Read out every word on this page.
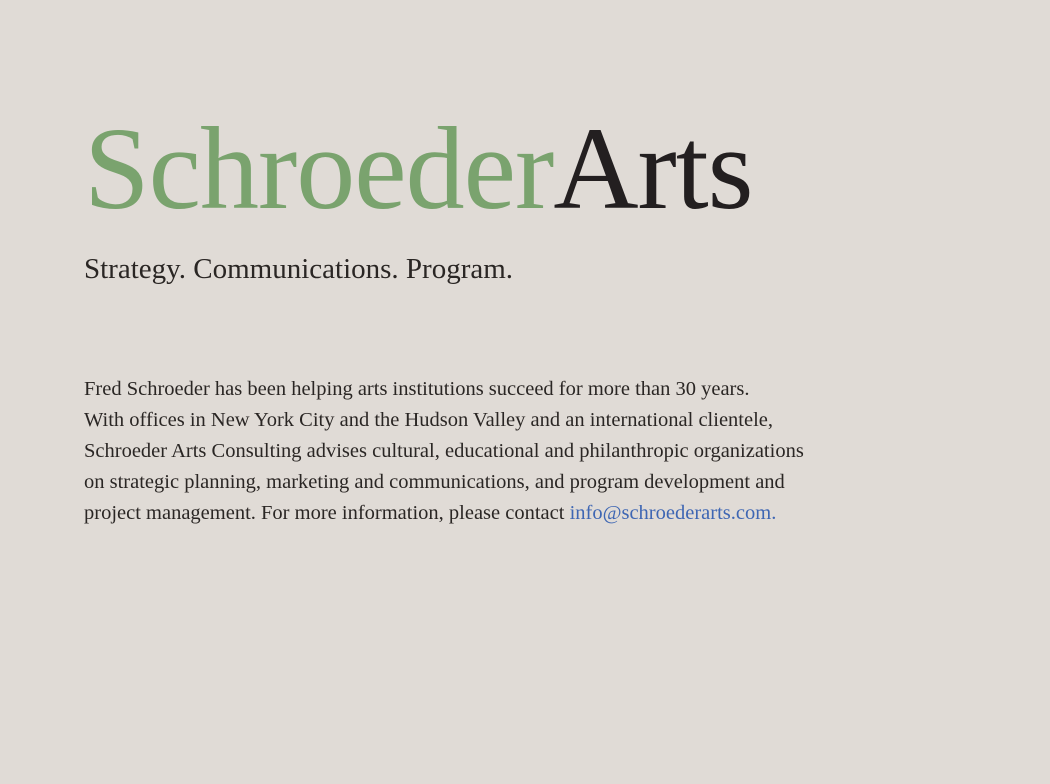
SchroederArts

Strategy. Communications. Program.

Fred Schroeder has been helping arts institutions succeed for more than 30 years.
With offices in New York City and the Hudson Valley and an international clientele,
Schroeder Arts Consulting advises cultural, educational and philanthropic organizations
on strategic planning, marketing and communications, and program development and
project management. For more information, please contact info@schroederarts.com.
